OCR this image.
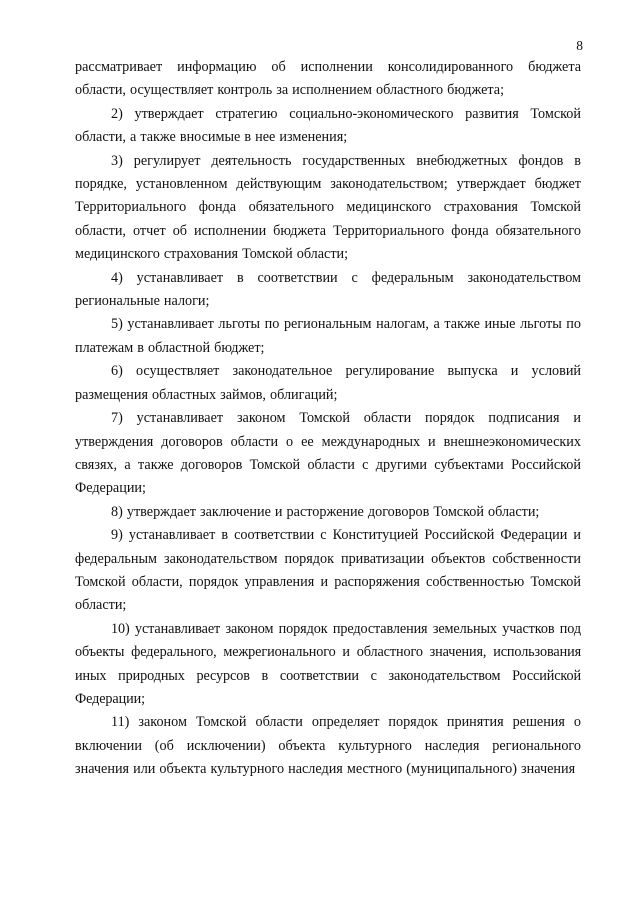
8

рассматривает информацию об исполнении консолидированного бюджета области, осуществляет контроль за исполнением областного бюджета;

2) утверждает стратегию социально-экономического развития Томской области, а также вносимые в нее изменения;

3) регулирует деятельность государственных внебюджетных фондов в порядке, установленном действующим законодательством; утверждает бюджет Территориального фонда обязательного медицинского страхования Томской области, отчет об исполнении бюджета Территориального фонда обязательного медицинского страхования Томской области;

4) устанавливает в соответствии с федеральным законодательством региональные налоги;

5) устанавливает льготы по региональным налогам, а также иные льготы по платежам в областной бюджет;

6) осуществляет законодательное регулирование выпуска и условий размещения областных займов, облигаций;

7) устанавливает законом Томской области порядок подписания и утверждения договоров области о ее международных и внешнеэкономических связях, а также договоров Томской области с другими субъектами Российской Федерации;

8) утверждает заключение и расторжение договоров Томской области;

9) устанавливает в соответствии с Конституцией Российской Федерации и федеральным законодательством порядок приватизации объектов собственности Томской области, порядок управления и распоряжения собственностью Томской области;

10) устанавливает законом порядок предоставления земельных участков под объекты федерального, межрегионального и областного значения, использования иных природных ресурсов в соответствии с законодательством Российской Федерации;

11) законом Томской области определяет порядок принятия решения о включении (об исключении) объекта культурного наследия регионального значения или объекта культурного наследия местного (муниципального) значения
